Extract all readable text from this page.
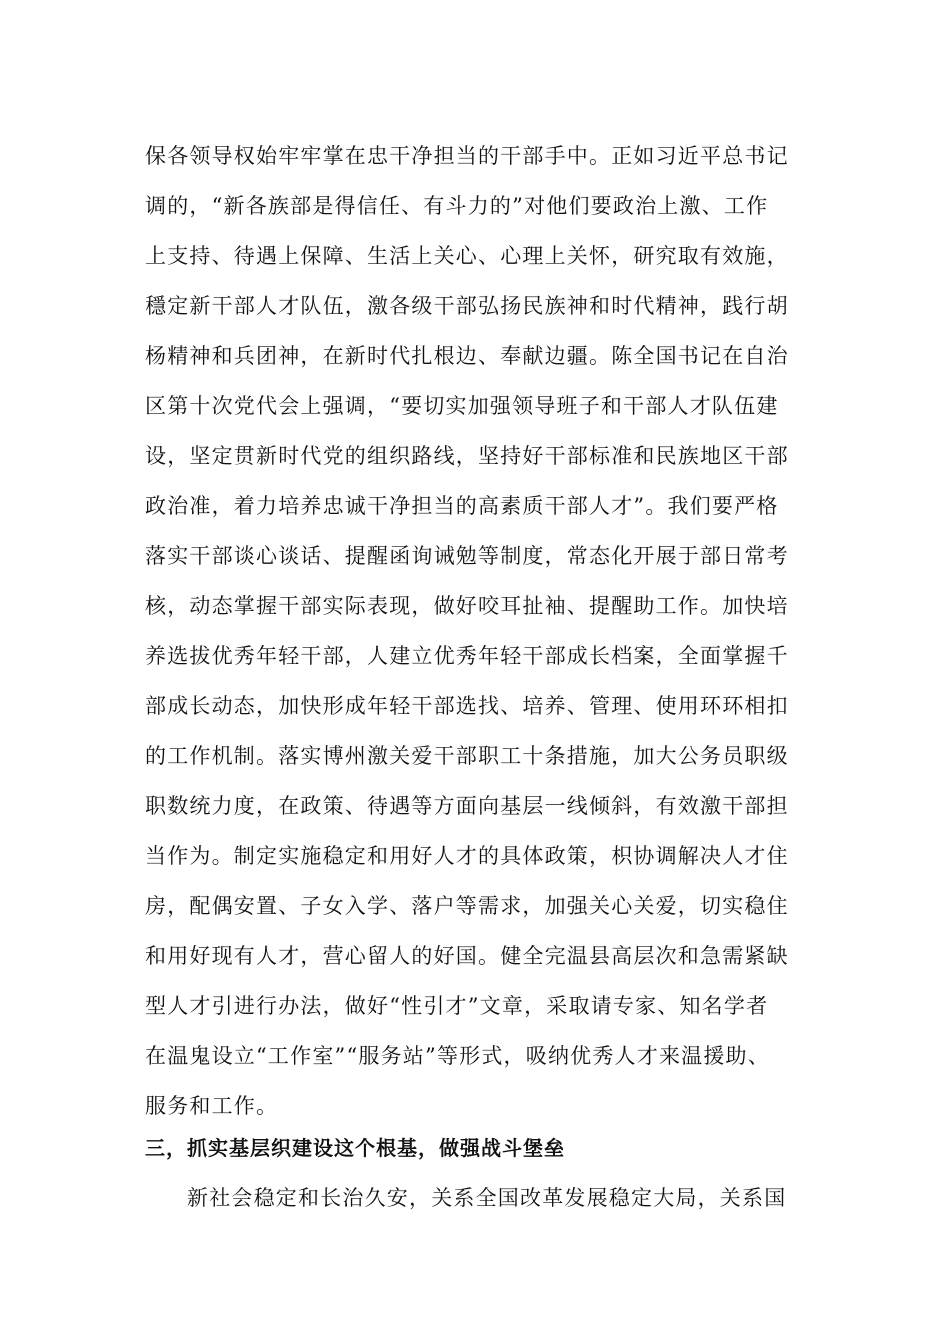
保各领导权始牢牢掌在忠干净担当的干部手中。正如习近平总书记
调的，“新各族部是得信任、有斗力的”对他们要政治上激、工作
上支持、待遇上保障、生活上关心、心理上关怀，研究取有效施，
穩定新干部人才队伍，激各级干部弘扬民族神和时代精神，践行胡
杨精神和兵团神，在新时代扎根边、奉献边疆。陈全国书记在自治
区第十次党代会上强调，“要切实加强领导班子和干部人才队伍建
设，坚定贯新时代党的组织路线，坚持好干部标准和民族地区干部
政治准，着力培养忠诚干净担当的高素质干部人才”。我们要严格
落实干部谈心谈话、提醒函询诫勉等制度，常态化开展于部日常考
核，动态掌握干部实际表现，做好咬耳扯袖、提醒助工作。加快培
养选拔优秀年轻干部，人建立优秀年轻干部成长档案，全面掌握千
部成长动态，加快形成年轻干部选找、培养、管理、使用环环相扣
的工作机制。落实博州激关爱干部职工十条措施，加大公务员职级
职数统力度，在政策、待遇等方面向基层一线倾斜，有效激干部担
当作为。制定实施稳定和用好人才的具体政策，枳协调解决人才住
房，配偶安置、子女入学、落户等需求，加强关心关爱，切实稳住
和用好现有人才，营心留人的好国。健全完温县高层次和急需紧缺
型人才引进行办法，做好“性引才”文章，采取请专家、知名学者
在温鬼设立“工作室”“服务站”等形式，吸纳优秀人才来温援助、
服务和工作。
三，抓实基层织建设这个根基，做强战斗堡垒

新社会稳定和长治久安，关系全国改革发展稳定大局，关系国
